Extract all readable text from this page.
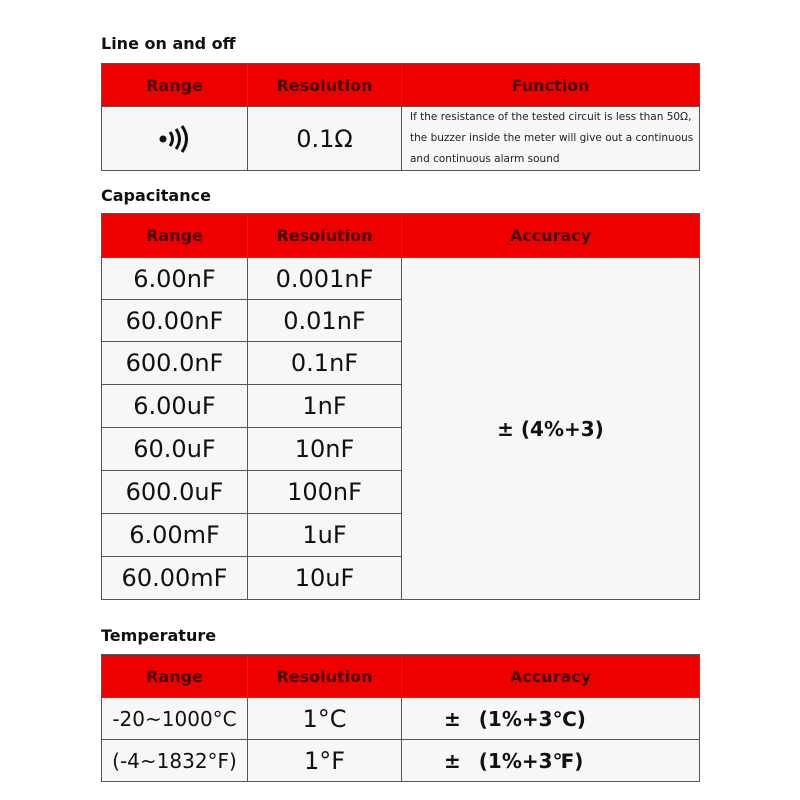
Line on and off
Range	Resolution	Function

	0.1Ω	If the resistance of the tested circuit is less than 50Ω,
the buzzer inside the meter will give out a continuous
and continuous alarm sound
Capacitance
Range	Resolution	Accuracy
6.00nF	0.001nF	± (4%+3)
60.00nF	0.01nF	
600.0nF	0.1nF	
6.00uF	1nF	
60.0uF	10nF	
600.0uF	100nF	
6.00mF	1uF	
60.00mF	10uF	
Temperature
Range	Resolution	Accuracy
-20~1000°C	1°C	± (1%+3℃)
(-4~1832°F)	1°F	± (1%+3℉)
